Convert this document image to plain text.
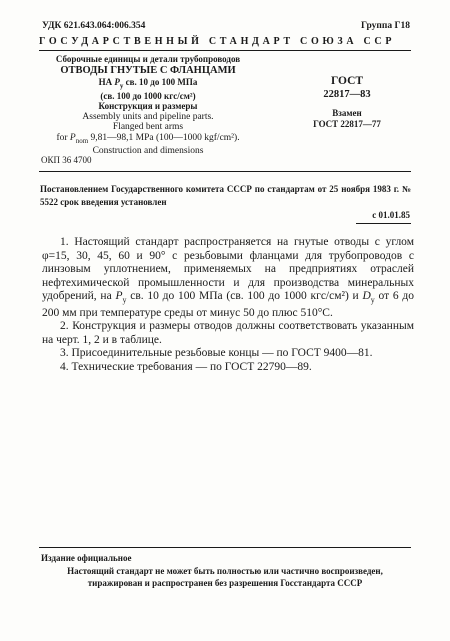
УДК 621.643.064:006.354	Группа Г18
ГОСУДАРСТВЕННЫЙ СТАНДАРТ СОЮЗА ССР
Сборочные единицы и детали трубопроводов
ОТВОДЫ ГНУТЫЕ С ФЛАНЦАМИ
НА $P_у$ св. 10 до 100 МПа
(св. 100 до 1000 кгс/см²)
Конструкция и размеры
Assembly units and pipeline parts.
Flanged bent arms
for $P_{nom}$ 9,81—98,1 MPa (100—1000 kgf/cm²).
Construction and dimensions
ГОСТ
22817—83
Взамен
ГОСТ 22817—77
ОКП 36 4700
Постановлением Государственного комитета СССР по стандартам от 25 ноября 1983 г. № 5522 срок введения установлен
с 01.01.85

1. Настоящий стандарт распространяется на гнутые отводы с углом φ=15, 30, 45, 60 и 90° с резьбовыми фланцами для трубопроводов с линзовым уплотнением, применяемых на предприятиях отраслей нефтехимической промышленности и для производства минеральных удобрений, на $P_у$ св. 10 до 100 МПа (св. 100 до 1000 кгс/см²) и $D_у$ от 6 до 200 мм при температуре среды от минус 50 до плюс 510°С.

2. Конструкция и размеры отводов должны соответствовать указанным на черт. 1, 2 и в таблице.

3. Присоединительные резьбовые концы — по ГОСТ 9400—81.

4. Технические требования — по ГОСТ 22790—89.

Издание официальное
Настоящий стандарт не может быть полностью или частично воспроизведен,
тиражирован и распространен без разрешения Госстандарта СССР
